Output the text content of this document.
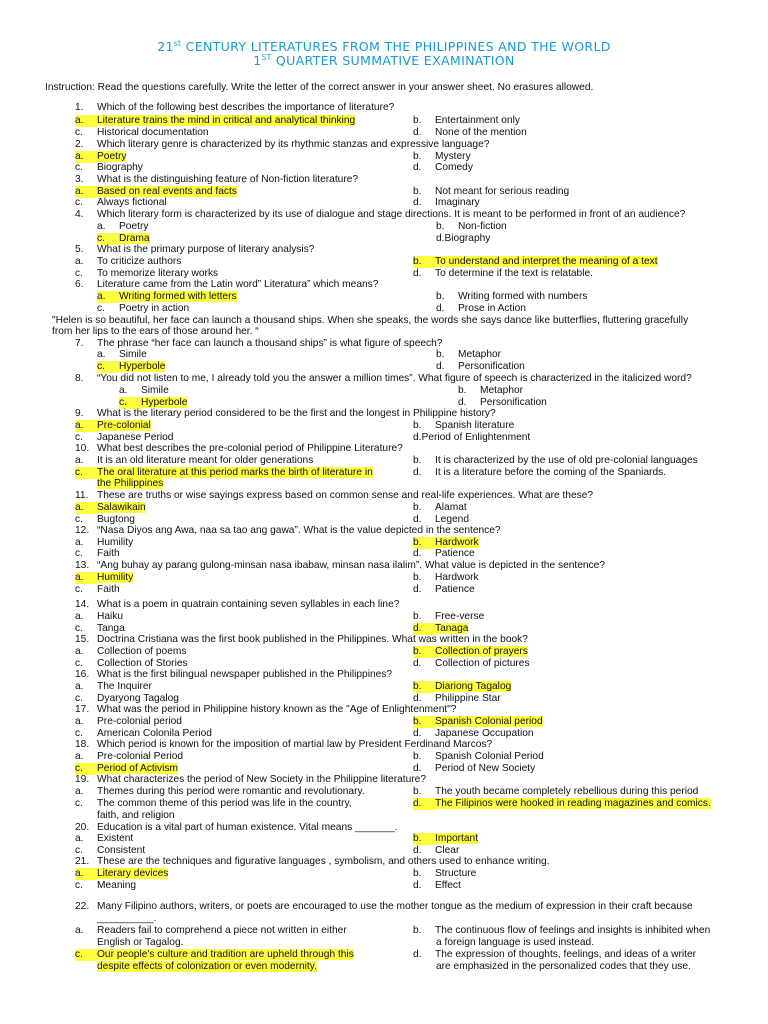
21st CENTURY LITERATURES FROM THE PHILIPPINES AND THE WORLD
1ST QUARTER SUMMATIVE EXAMINATION
Instruction: Read the questions carefully. Write the letter of the correct answer in your answer sheet. No erasures allowed.
1. Which of the following best describes the importance of literature?
a. Literature trains the mind in critical and analytical thinking	b. Entertainment only
c. Historical documentation	d. None of the mention
2. Which literary genre is characterized by its rhythmic stanzas and expressive language?
a. Poetry	b. Mystery
c. Biography	d. Comedy
3. What is the distinguishing feature of Non-fiction literature?
a. Based on real events and facts	b. Not meant for serious reading
c. Always fictional	d. Imaginary
4. Which literary form is characterized by its use of dialogue and stage directions. It is meant to be performed in front of an audience?
a. Poetry	b. Non-fiction
c. Drama	d.Biography
5. What is the primary purpose of literary analysis?
a. To criticize authors	b. To understand and interpret the meaning of a text
c. To memorize literary works	d. To determine if the text is relatable.
6. Literature came from the Latin word” Literatura” which means?
a. Writing formed with letters	b. Writing formed with numbers
c. Poetry in action	d. Prose in Action
"Helen is so beautiful, her face can launch a thousand ships. When she speaks, the words she says dance like butterflies, fluttering gracefully
from her lips to the ears of those around her. “
7. The phrase “her face can launch a thousand ships” is what figure of speech?
a. Simile	b. Metaphor
c. Hyperbole	d. Personification
8. “You did not listen to me, I already told you the answer a million times”. What figure of speech is characterized in the italicized word?
a. Simile	b. Metaphor
c. Hyperbole	d. Personification
9. What is the literary period considered to be the first and the longest in Philippine history?
a. Pre-colonial	b. Spanish literature
c. Japanese Period	d.Period of Enlightenment
10. What best describes the pre-colonial period of Philippine Literature?
a. It is an old literature meant for older generations	b. It is characterized by the use of old pre-colonial languages
c. The oral literature at this period marks the birth of literature in	d. It is a literature before the coming of the Spaniards.
the Philippines
11. These are truths or wise sayings express based on common sense and real-life experiences. What are these?
a. Salawikain	b. Alamat
c. Bugtong	d. Legend
12. “Nasa Diyos ang Awa, naa sa tao ang gawa”. What is the value depicted in the sentence?
a. Humility	b. Hardwork
c. Faith	d. Patience
13. “Ang buhay ay parang gulong-minsan nasa ibabaw, minsan nasa ilalim”. What value is depicted in the sentence?
a. Humility	b. Hardwork
c. Faith	d. Patience
14. What is a poem in quatrain containing seven syllables in each line?
a. Haiku	b. Free-verse
c. Tanga	d. Tanaga
15. Doctrina Cristiana was the first book published in the Philippines. What was written in the book?
a. Collection of poems	b. Collection of prayers
c. Collection of Stories	d. Collection of pictures
16. What is the first bilingual newspaper published in the Philippines?
a. The Inquirer	b. Diariong Tagalog
c. Dyaryong Tagalog	d. Philippine Star
17. What was the period in Philippine history known as the "Age of Enlightenment"?
a. Pre-colonial period	b. Spanish Colonial period
c. American Colonila Period	d. Japanese Occupation
18. Which period is known for the imposition of martial law by President Ferdinand Marcos?
a. Pre-colonial Period	b. Spanish Colonial Period
c. Period of Activism	d. Period of New Society
19. What characterizes the period of New Society in the Philippine literature?
a. Themes during this period were romantic and revolutionary.	b. The youth became completely rebellious during this period
c. The common theme of this period was life in the country,	d. The Filipinos were hooked in reading magazines and comics.
faith, and religion
20. Education is a vital part of human existence. Vital means _______.
a. Existent	b. Important
c. Consistent	d. Clear
21. These are the techniques and figurative languages , symbolism, and others used to enhance writing.
a. Literary devices	b. Structure
c. Meaning	d. Effect
22. Many Filipino authors, writers, or poets are encouraged to use the mother tongue as the medium of expression in their craft because
__________.
a. Readers fail to comprehend a piece not written in either	b. The continuous flow of feelings and insights is inhibited when
English or Tagalog.	a foreign language is used instead.
c. Our people's culture and tradition are upheld through this	d. The expression of thoughts, feelings, and ideas of a writer
despite effects of colonization or even modernity.	are emphasized in the personalized codes that they use.
